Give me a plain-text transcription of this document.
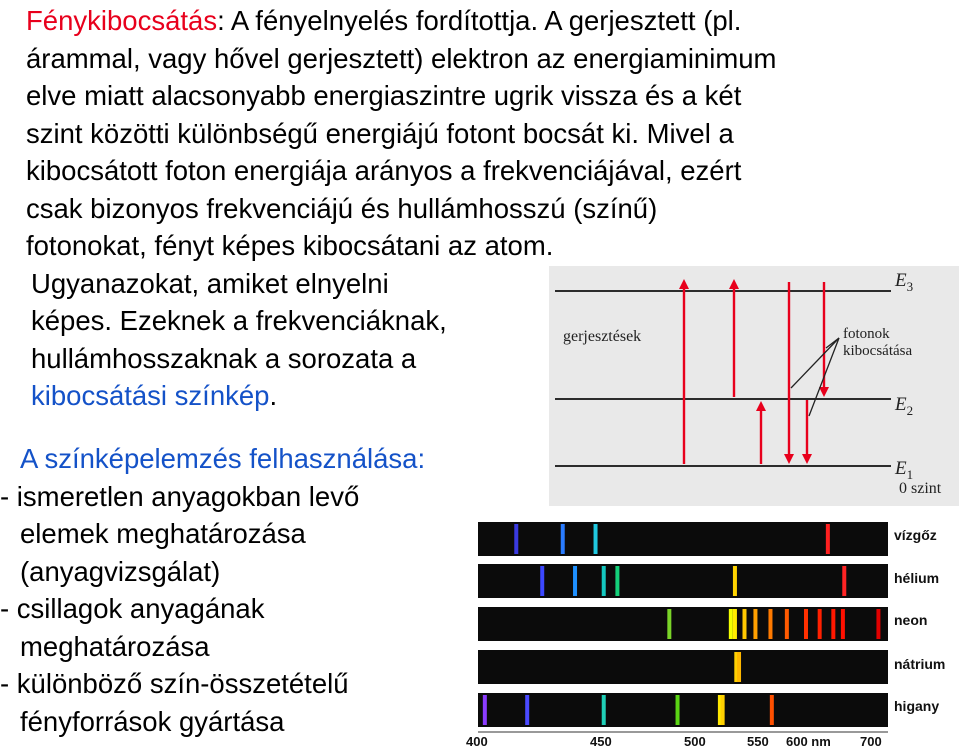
Fénykibocsátás: A fényelnyelés fordítottja. A gerjesztett (pl.
árammal, vagy hővel gerjesztett) elektron az energiaminimum
elve miatt alacsonyabb energiaszintre ugrik vissza és a két
szint közötti különbségű energiájú fotont bocsát ki. Mivel a
kibocsátott foton energiája arányos a frekvenciájával, ezért
csak bizonyos frekvenciájú és hullámhosszú (színű)
fotonokat, fényt képes kibocsátani az atom.
Ugyanazokat, amiket elnyelni
képes. Ezeknek a frekvenciáknak,
hullámhosszaknak a sorozata a
kibocsátási színkép.
A színképelemzés felhasználása:
- ismeretlen anyagokban levő
elemek meghatározása
(anyagvizsgálat)
- csillagok anyagának
meghatározása
- különböző szín-összetételű
fényforrások gyártása
$E_3$
$E_2$
$E_1$
0 szint
gerjesztések	fotonok
kibocsátása
vízgőz
hélium
neon
nátrium
higany
400	450	500	550 600 nm 700
